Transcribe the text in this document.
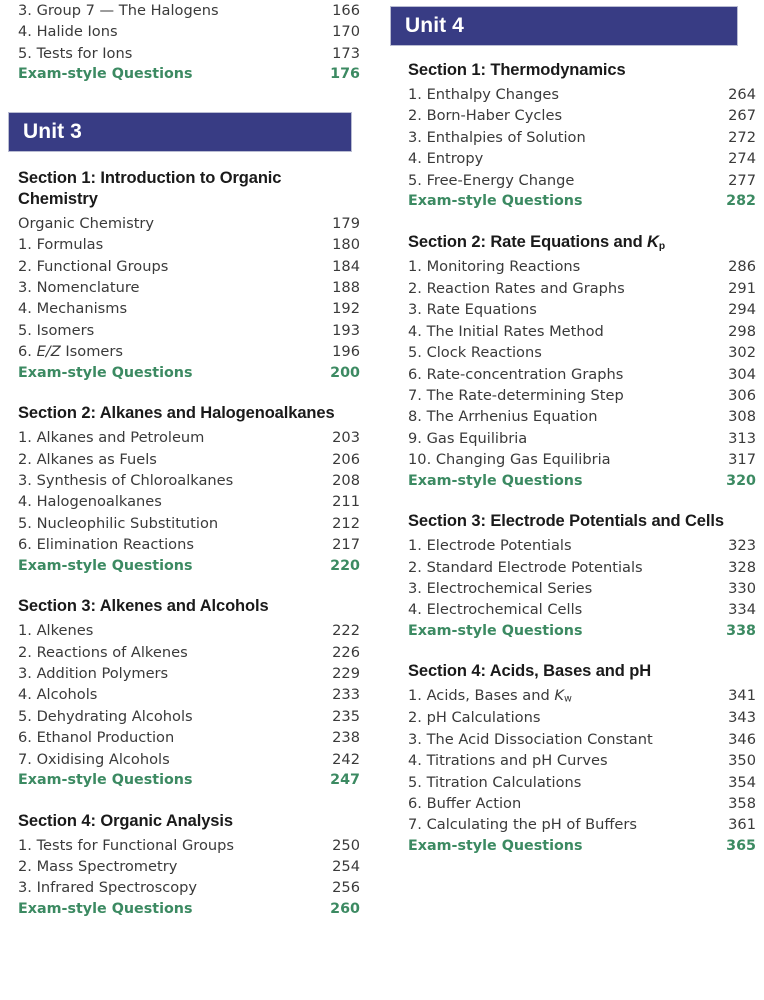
3. Group 7 — The Halogens	166
4. Halide Ions	170
5. Tests for Ions	173
Exam-style Questions	176
Unit 3
Section 1: Introduction to Organic Chemistry
Organic Chemistry	179
1. Formulas	180
2. Functional Groups	184
3. Nomenclature	188
4. Mechanisms	192
5. Isomers	193
6. E/Z Isomers	196
Exam-style Questions	200
Section 2: Alkanes and Halogenoalkanes
1. Alkanes and Petroleum	203
2. Alkanes as Fuels	206
3. Synthesis of Chloroalkanes	208
4. Halogenoalkanes	211
5. Nucleophilic Substitution	212
6. Elimination Reactions	217
Exam-style Questions	220
Section 3: Alkenes and Alcohols
1. Alkenes	222
2. Reactions of Alkenes	226
3. Addition Polymers	229
4. Alcohols	233
5. Dehydrating Alcohols	235
6. Ethanol Production	238
7. Oxidising Alcohols	242
Exam-style Questions	247
Section 4: Organic Analysis
1. Tests for Functional Groups	250
2. Mass Spectrometry	254
3. Infrared Spectroscopy	256
Exam-style Questions	260
Unit 4
Section 1: Thermodynamics
1. Enthalpy Changes	264
2. Born-Haber Cycles	267
3. Enthalpies of Solution	272
4. Entropy	274
5. Free-Energy Change	277
Exam-style Questions	282
Section 2: Rate Equations and $K_p$
1. Monitoring Reactions	286
2. Reaction Rates and Graphs	291
3. Rate Equations	294
4. The Initial Rates Method	298
5. Clock Reactions	302
6. Rate-concentration Graphs	304
7. The Rate-determining Step	306
8. The Arrhenius Equation	308
9. Gas Equilibria	313
10. Changing Gas Equilibria	317
Exam-style Questions	320
Section 3: Electrode Potentials and Cells
1. Electrode Potentials	323
2. Standard Electrode Potentials	328
3. Electrochemical Series	330
4. Electrochemical Cells	334
Exam-style Questions	338
Section 4: Acids, Bases and pH
1. Acids, Bases and $K_w$	341
2. pH Calculations	343
3. The Acid Dissociation Constant	346
4. Titrations and pH Curves	350
5. Titration Calculations	354
6. Buffer Action	358
7. Calculating the pH of Buffers	361
Exam-style Questions	365
